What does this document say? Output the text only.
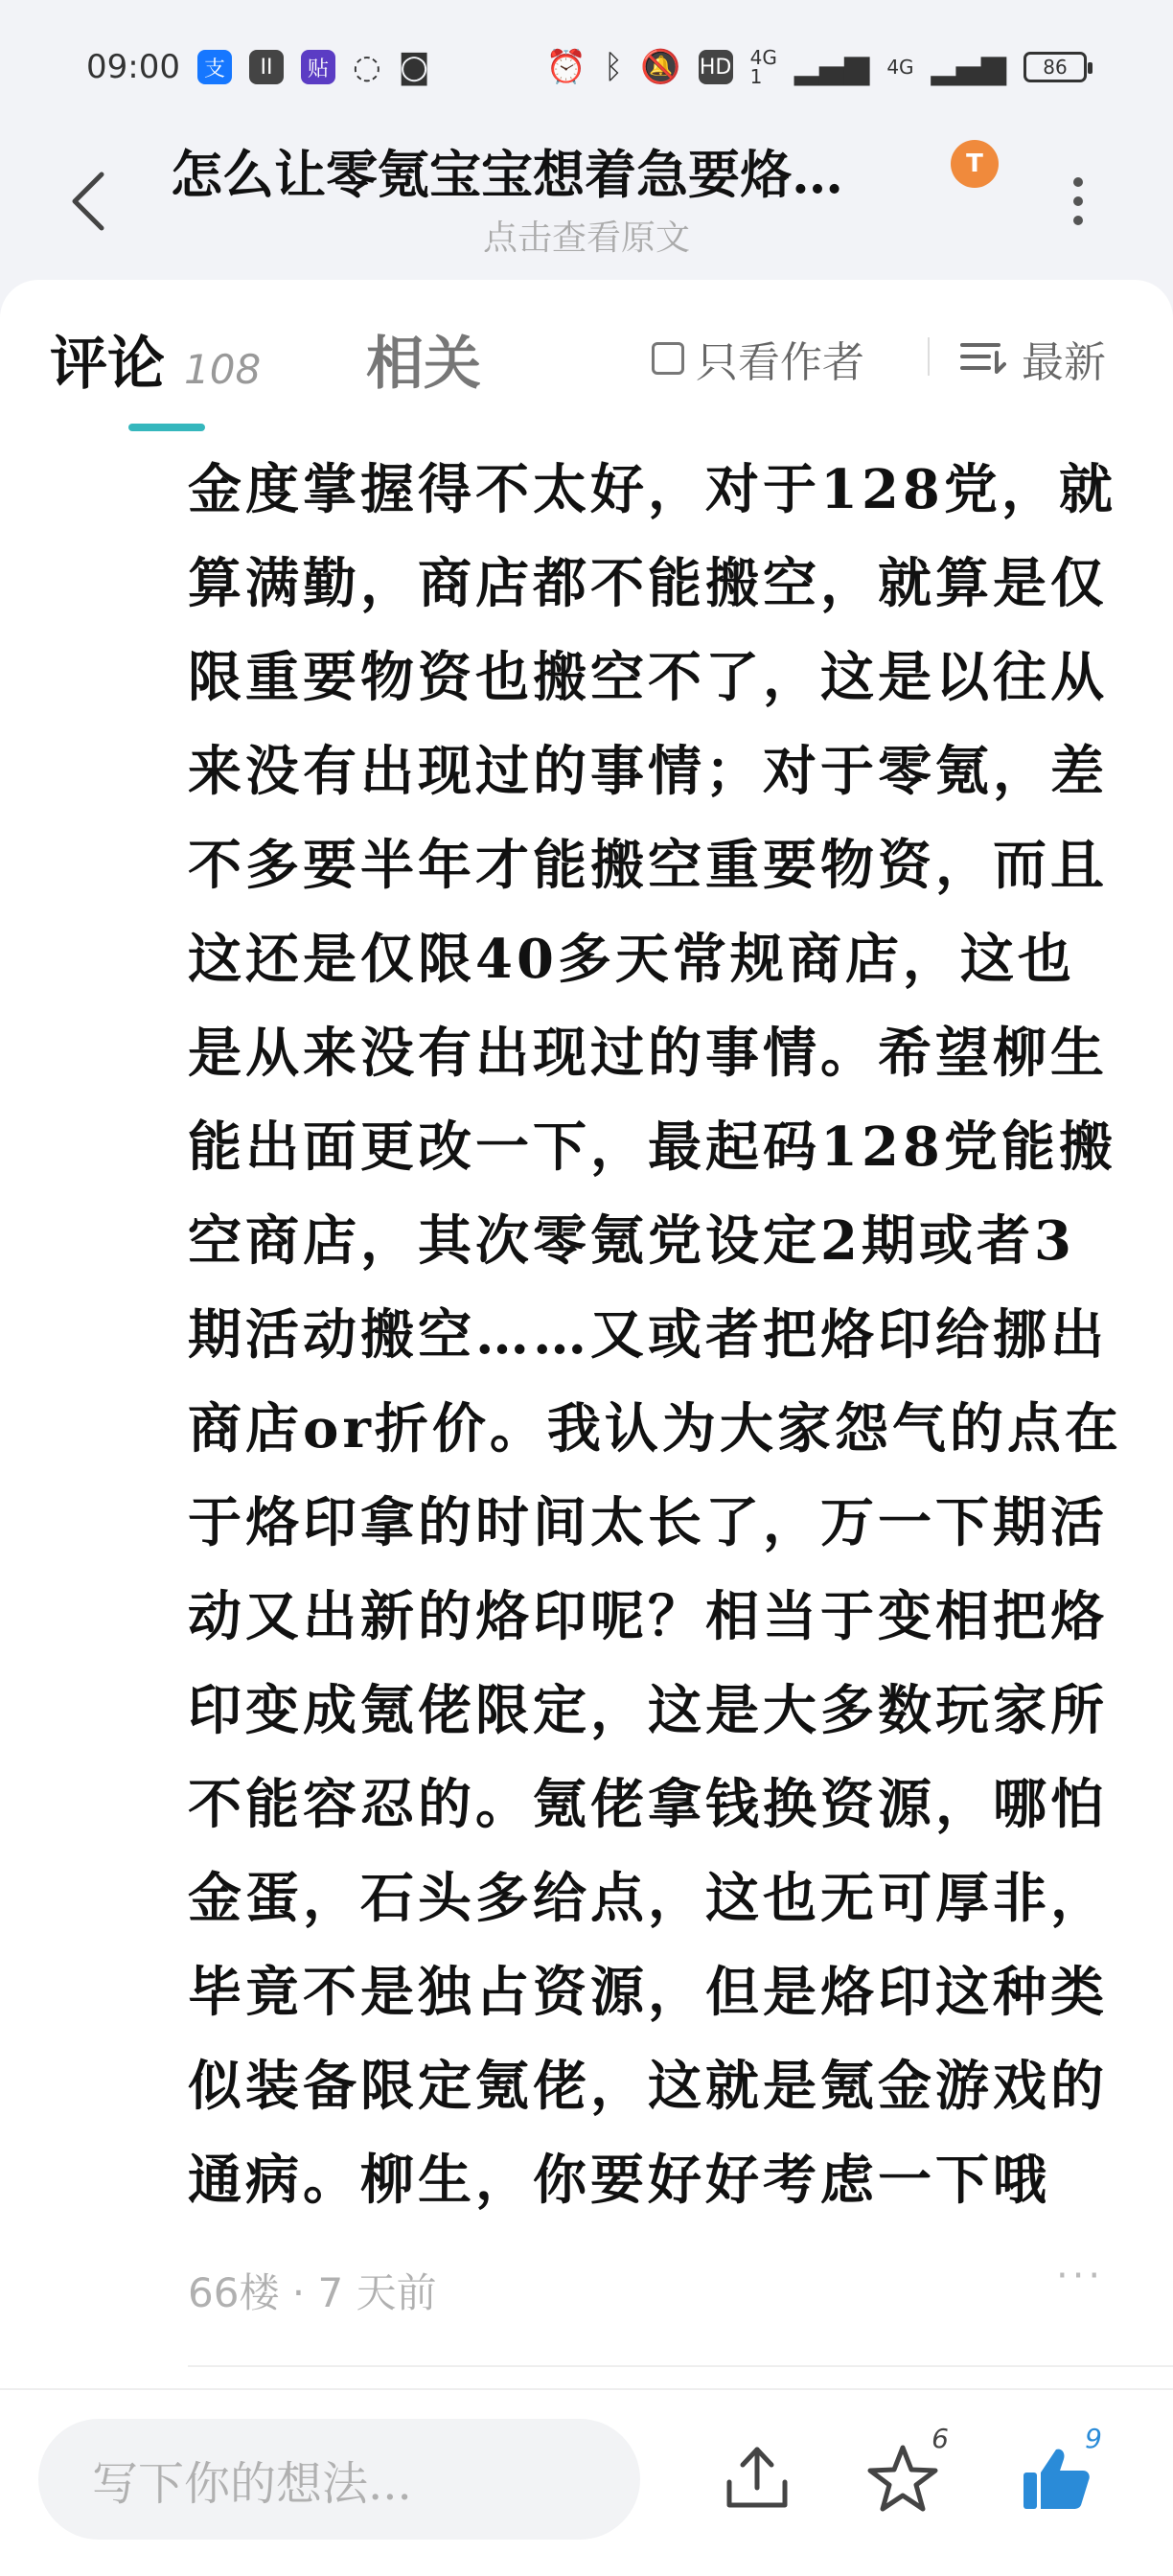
09:00	支	II	贴 ◌ ◙	⏰ ᛒ 🔕 HD 4G
1 ▂▄▆ 4G ▂▄▆	86
怎么让零氪宝宝想着急要烙…	T
点击查看原文
评论 108 相关	只看作者	最新
金度掌握得不太好，对于128党，就算满勤，商店都不能搬空，就算是仅限重要物资也搬空不了，这是以往从来没有出现过的事情；对于零氪，差不多要半年才能搬空重要物资，而且这还是仅限40多天常规商店，这也是从来没有出现过的事情。希望柳生能出面更改一下，最起码128党能搬空商店，其次零氪党设定2期或者3期活动搬空……又或者把烙印给挪出商店or折价。我认为大家怨气的点在于烙印拿的时间太长了，万一下期活动又出新的烙印呢？相当于变相把烙印变成氪佬限定，这是大多数玩家所不能容忍的。氪佬拿钱换资源，哪怕金蛋，石头多给点，这也无可厚非，毕竟不是独占资源，但是烙印这种类似装备限定氪佬，这就是氪金游戏的通病。柳生，你要好好考虑一下哦
66楼 · 7 天前	···
写下你的想法...
6	9
